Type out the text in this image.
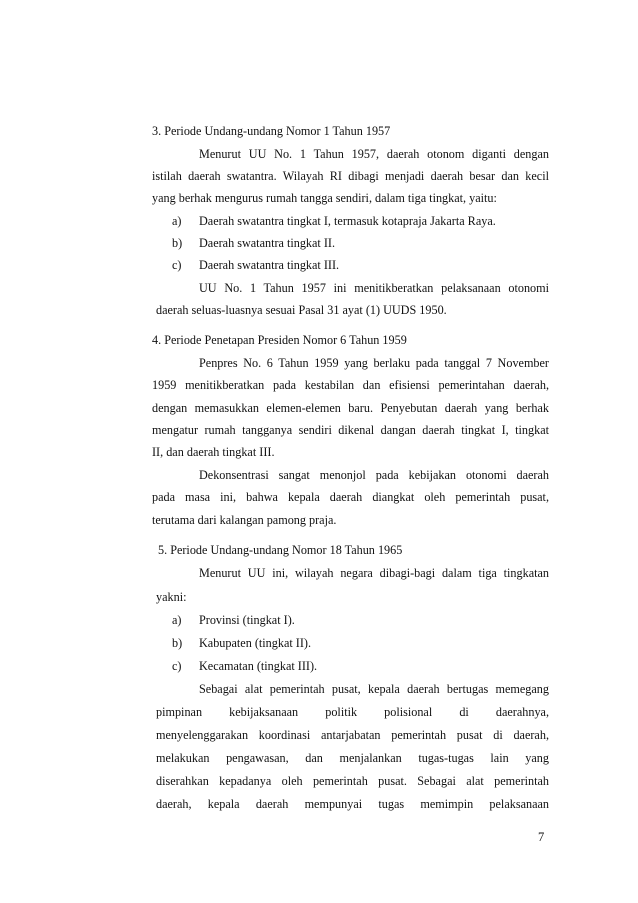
3. Periode Undang-undang Nomor 1 Tahun 1957
Menurut UU No. 1 Tahun 1957, daerah otonom diganti dengan
istilah daerah swatantra. Wilayah RI dibagi menjadi daerah besar dan kecil
yang berhak mengurus rumah tangga sendiri, dalam tiga tingkat, yaitu:
a) Daerah swatantra tingkat I, termasuk kotapraja Jakarta Raya.
b) Daerah swatantra tingkat II.
c) Daerah swatantra tingkat III.
UU No. 1 Tahun 1957 ini menitikberatkan pelaksanaan otonomi
daerah seluas-luasnya sesuai Pasal 31 ayat (1) UUDS 1950.
4. Periode Penetapan Presiden Nomor 6 Tahun 1959
Penpres No. 6 Tahun 1959 yang berlaku pada tanggal 7 November
1959 menitikberatkan pada kestabilan dan efisiensi pemerintahan daerah,
dengan memasukkan elemen-elemen baru. Penyebutan daerah yang berhak
mengatur rumah tangganya sendiri dikenal dangan daerah tingkat I, tingkat
II, dan daerah tingkat III.
Dekonsentrasi sangat menonjol pada kebijakan otonomi daerah
pada masa ini, bahwa kepala daerah diangkat oleh pemerintah pusat,
terutama dari kalangan pamong praja.
5. Periode Undang-undang Nomor 18 Tahun 1965
Menurut UU ini, wilayah negara dibagi-bagi dalam tiga tingkatan
yakni:
a) Provinsi (tingkat I).
b) Kabupaten (tingkat II).
c) Kecamatan (tingkat III).
Sebagai alat pemerintah pusat, kepala daerah bertugas memegang
pimpinan kebijaksanaan politik polisional di daerahnya,
menyelenggarakan koordinasi antarjabatan pemerintah pusat di daerah,
melakukan pengawasan, dan menjalankan tugas-tugas lain yang
diserahkan kepadanya oleh pemerintah pusat. Sebagai alat pemerintah
daerah, kepala daerah mempunyai tugas memimpin pelaksanaan
7
